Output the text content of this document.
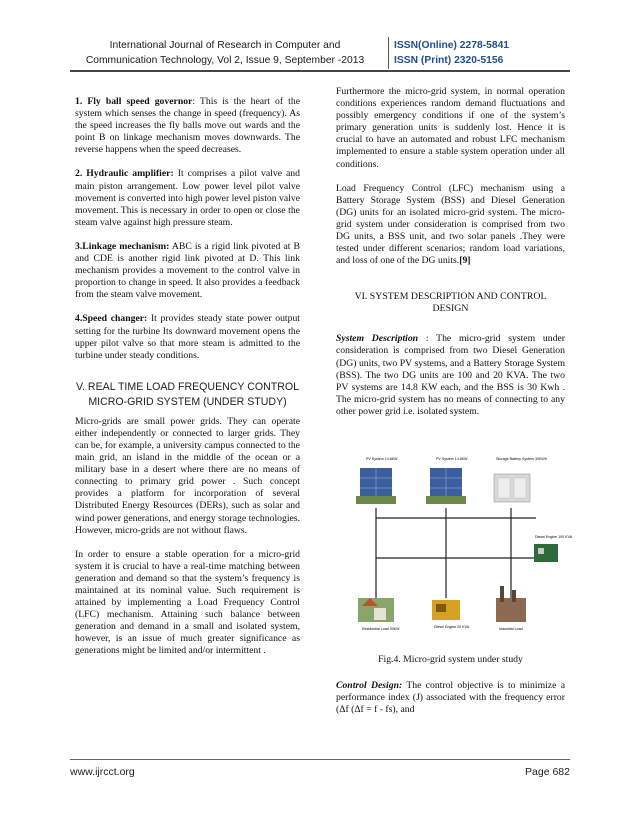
International Journal of Research in Computer and
Communication Technology, Vol 2, Issue 9, September -2013
ISSN(Online) 2278-5841
ISSN (Print) 2320-5156

1. Fly ball speed governor: This is the heart of the system which senses the change in speed (frequency). As the speed increases the fly balls move out wards and the point B on linkage mechanism moves downwards. The reverse happens when the speed decreases.

2. Hydraulic amplifier: It comprises a pilot valve and main piston arrangement. Low power level pilot valve movement is converted into high power level piston valve movement. This is necessary in order to open or close the steam valve against high pressure steam.

3.Linkage mechanism: ABC is a rigid link pivoted at B and CDE is another rigid link pivoted at D. This link mechanism provides a movement to the control valve in proportion to change in speed. It also provides a feedback from the steam valve movement.

4.Speed changer: It provides steady state power output setting for the turbine Its downward movement opens the upper pilot valve so that more steam is admitted to the turbine under steady conditions.

V. REAL TIME LOAD FREQUENCY CONTROL
MICRO-GRID SYSTEM (UNDER STUDY)

Micro-grids are small power grids. They can operate either independently or connected to larger grids. They can be, for example, a university campus connected to the main grid, an island in the middle of the ocean or a military base in a desert where there are no means of connecting to primary grid power . Such concept provides a platform for incorporation of several Distributed Energy Resources (DERs), such as solar and wind power generations, and energy storage technologies. However, micro-grids are not without flaws.

In order to ensure a stable operation for a micro-grid system it is crucial to have a real-time matching between generation and demand so that the system’s frequency is maintained at its nominal value. Such requirement is attained by implementing a Load Frequency Control (LFC) mechanism. Attaining such balance between generation and demand in a small and isolated system, however, is an issue of much greater significance as generations might be limited and/or intermittent .

Furthermore the micro-grid system, in normal operation conditions experiences random demand fluctuations and possibly emergency conditions if one of the system’s primary generation units is suddenly lost. Hence it is crucial to have an automated and robust LFC mechanism implemented to ensure a stable system operation under all conditions.

Load Frequency Control (LFC) mechanism using a Battery Storage System (BSS) and Diesel Generation (DG) units for an isolated micro-grid system. The micro-grid system under consideration is comprised from two DG units, a BSS unit, and two solar panels .They were tested under different scenarios; random load variations, and loss of one of the DG units.[9]

VI. SYSTEM DESCRIPTION AND CONTROL
DESIGN

System Description : The micro-grid system under consideration is comprised from two Diesel Generation (DG) units, two PV systems, and a Battery Storage System (BSS). The two DG units are 100 and 20 KVA. The two PV systems are 14.8 KW each, and the BSS is 30 Kwh . The micro-grid system has no means of connecting to any other power grid i.e. isolated system.

PV System 14.8KW	PV System 14.8KW	Storage Battery System 30KWh
Diesel Engine 100 KVA
Residential Load 30KW	Diesel Engine 20 KVA	Industrial Load
Fig.4. Micro-grid system under study

Control Design: The control objective is to minimize a performance index (J) associated with the frequency error (Δf (Δf = f - fs), and

www.ijrcct.org	Page 682
